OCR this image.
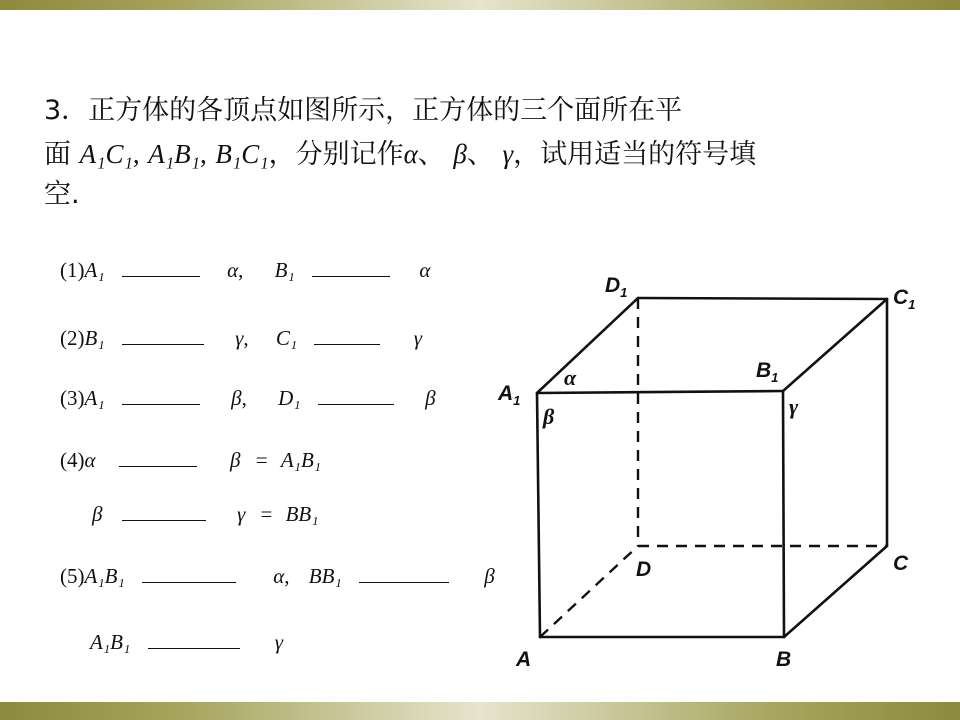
3．正方体的各顶点如图所示，正方体的三个面所在平
面 A₁C₁, A₁B₁, B₁C₁，分别记作α、 β、 γ，试用适当的符号填
空.
(1)A₁	α, B₁	α
(2)B₁	γ, C₁	γ
(3)A₁	β, D₁	β
(4)α	β = A₁B₁
β	γ = BB₁
(5)A₁B₁	α, BB₁	β
A₁B₁	γ
$D_1$	$C_1$
$B_1$
$A_1$
D	C
A	B
α
β	γ
